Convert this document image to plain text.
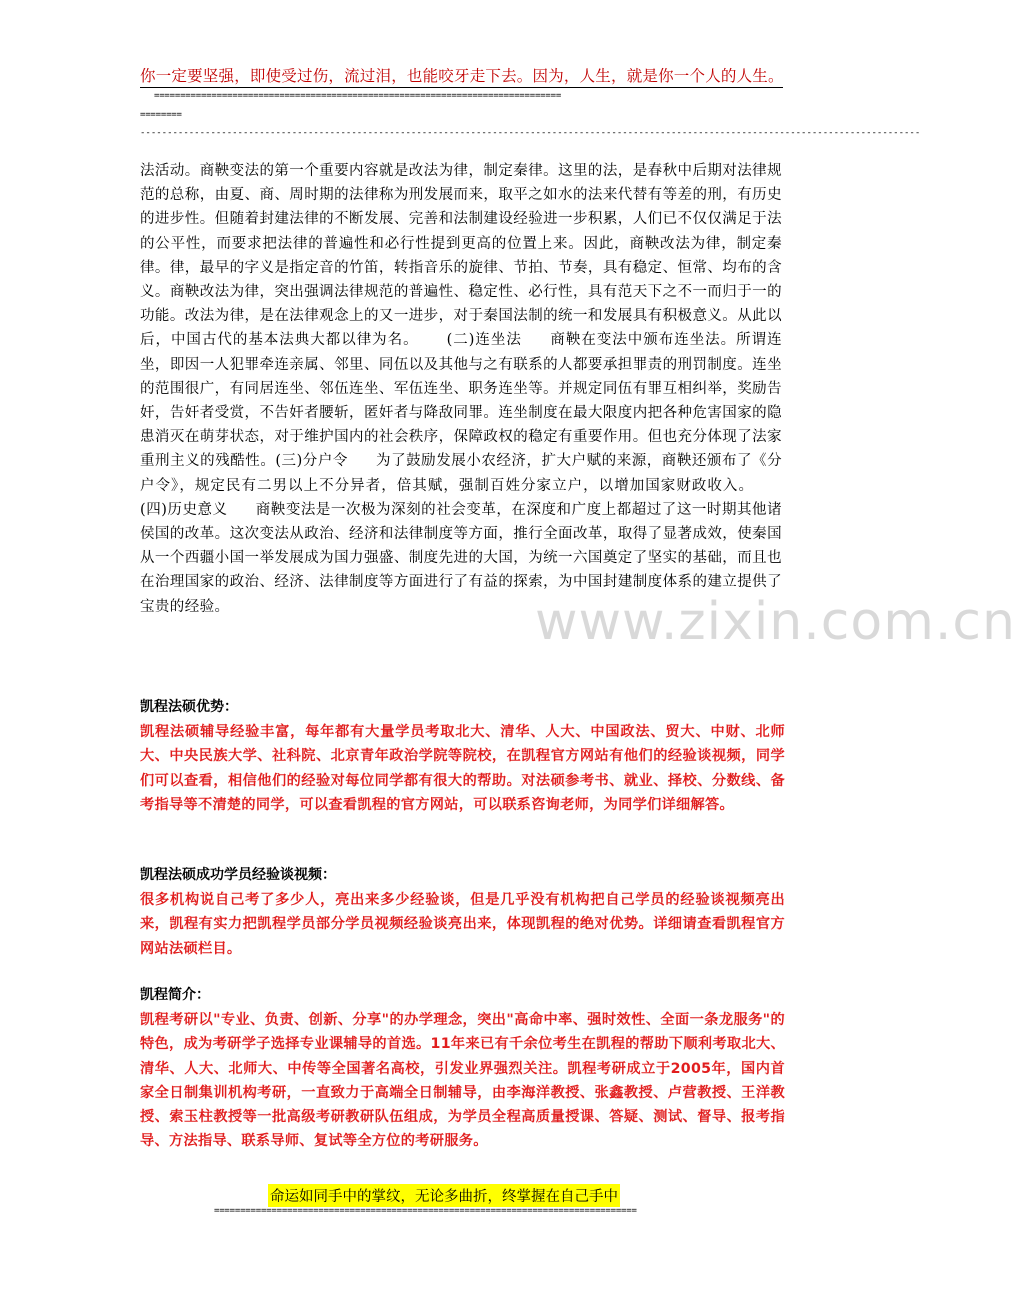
你一定要坚强，即使受过伤，流过泪，也能咬牙走下去。因为，人生，就是你一个人的人生。
==============================================================================
========
------------------------------------------------------------------------------------------------------------------------------------------------
法活动。商鞅变法的第一个重要内容就是改法为律，制定秦律。这里的法，是春秋中后期对法律规范的总称，由夏、商、周时期的法律称为刑发展而来，取平之如水的法来代替有等差的刑，有历史的进步性。但随着封建法律的不断发展、完善和法制建设经验进一步积累，人们已不仅仅满足于法的公平性，而要求把法律的普遍性和必行性提到更高的位置上来。因此，商鞅改法为律，制定秦律。律，最早的字义是指定音的竹笛，转指音乐的旋律、节拍、节奏，具有稳定、恒常、均布的含义。商鞅改法为律，突出强调法律规范的普遍性、稳定性、必行性，具有范天下之不一而归于一的功能。改法为律，是在法律观念上的又一进步，对于秦国法制的统一和发展具有积极意义。从此以后，中国古代的基本法典大都以律为名。 (二)连坐法 商鞅在变法中颁布连坐法。所谓连坐，即因一人犯罪牵连亲属、邻里、同伍以及其他与之有联系的人都要承担罪责的刑罚制度。连坐的范围很广，有同居连坐、邻伍连坐、军伍连坐、职务连坐等。并规定同伍有罪互相纠举，奖励告奸，告奸者受赏，不告奸者腰斩，匿奸者与降敌同罪。连坐制度在最大限度内把各种危害国家的隐患消灭在萌芽状态，对于维护国内的社会秩序，保障政权的稳定有重要作用。但也充分体现了法家重刑主义的残酷性。(三)分户令 为了鼓励发展小农经济，扩大户赋的来源，商鞅还颁布了《分户令》，规定民有二男以上不分异者，倍其赋，强制百姓分家立户，以增加国家财政收入。(四)历史意义 商鞅变法是一次极为深刻的社会变革，在深度和广度上都超过了这一时期其他诸侯国的改革。这次变法从政治、经济和法律制度等方面，推行全面改革，取得了显著成效，使秦国从一个西疆小国一举发展成为国力强盛、制度先进的大国，为统一六国奠定了坚实的基础，而且也在治理国家的政治、经济、法律制度等方面进行了有益的探索，为中国封建制度体系的建立提供了宝贵的经验。	www.zixin.com.cn

凯程法硕优势：

凯程法硕辅导经验丰富，每年都有大量学员考取北大、清华、人大、中国政法、贸大、中财、北师大、中央民族大学、社科院、北京青年政治学院等院校，在凯程官方网站有他们的经验谈视频，同学们可以查看，相信他们的经验对每位同学都有很大的帮助。对法硕参考书、就业、择校、分数线、备考指导等不清楚的同学，可以查看凯程的官方网站，可以联系咨询老师，为同学们详细解答。

凯程法硕成功学员经验谈视频：

很多机构说自己考了多少人，亮出来多少经验谈，但是几乎没有机构把自己学员的经验谈视频亮出来，凯程有实力把凯程学员部分学员视频经验谈亮出来，体现凯程的绝对优势。详细请查看凯程官方网站法硕栏目。

凯程简介：

凯程考研以"专业、负责、创新、分享"的办学理念，突出"高命中率、强时效性、全面一条龙服务"的特色，成为考研学子选择专业课辅导的首选。11年来已有千余位考生在凯程的帮助下顺利考取北大、清华、人大、北师大、中传等全国著名高校，引发业界强烈关注。凯程考研成立于2005年，国内首家全日制集训机构考研，一直致力于高端全日制辅导，由李海洋教授、张鑫教授、卢营教授、王洋教授、索玉柱教授等一批高级考研教研队伍组成，为学员全程高质量授课、答疑、测试、督导、报考指导、方法指导、联系导师、复试等全方位的考研服务。

命运如同手中的掌纹，无论多曲折，终掌握在自己手中
=================================================================================
